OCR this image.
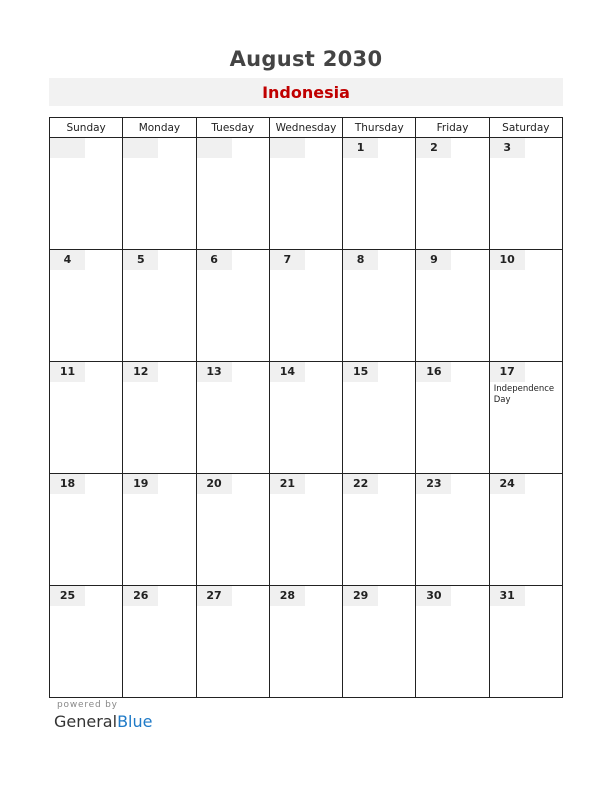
August 2030
Indonesia
Sunday	Monday	Tuesday	Wednesday	Thursday	Friday	Saturday

				1	2	3

4	5	6	7	8	9	10

11	12	13	14	15	16	17
Independence Day

18	19	20	21	22	23	24

25	26	27	28	29	30	31
powered by
GeneralBlue
